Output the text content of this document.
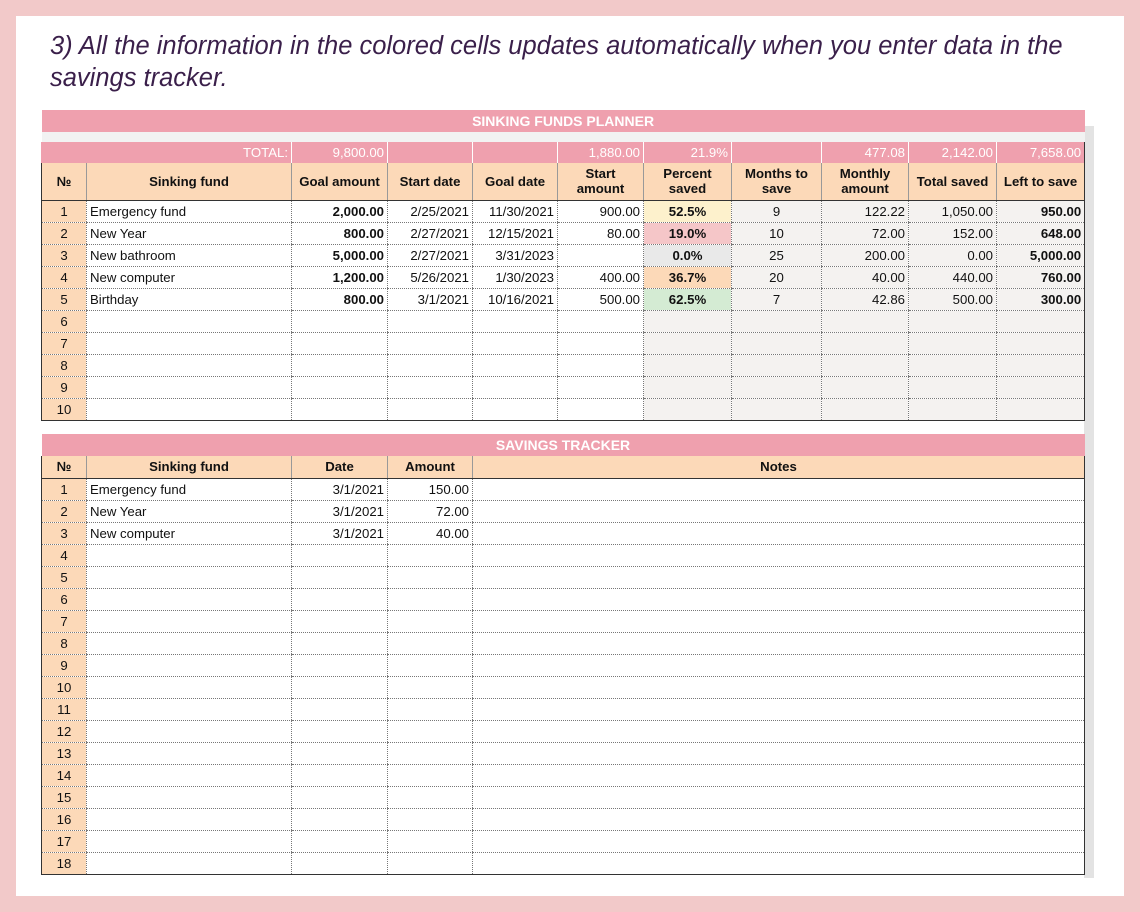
3) All the information in the colored cells updates automatically when you enter data in the savings tracker.
SINKING FUNDS PLANNER										

TOTAL:		9,800.00			1,880.00	21.9%		477.08	2,142.00	7,658.00
№	Sinking fund	Goal amount	Start date	Goal date	Start amount	Percent saved	Months to save	Monthly amount	Total saved	Left to save
1	Emergency fund	2,000.00	2/25/2021	11/30/2021	900.00	52.5%	9	122.22	1,050.00	950.00
2	New Year	800.00	2/27/2021	12/15/2021	80.00	19.0%	10	72.00	152.00	648.00
3	New bathroom	5,000.00	2/27/2021	3/31/2023		0.0%	25	200.00	0.00	5,000.00
4	New computer	1,200.00	5/26/2021	1/30/2023	400.00	36.7%	20	40.00	440.00	760.00
5	Birthday	800.00	3/1/2021	10/16/2021	500.00	62.5%	7	42.86	500.00	300.00
6										
7										
8										
9										
10										
SAVINGS TRACKER				
№	Sinking fund	Date	Amount	Notes
1	Emergency fund	3/1/2021	150.00	
2	New Year	3/1/2021	72.00	
3	New computer	3/1/2021	40.00	
4				
5				
6				
7				
8				
9				
10				
11				
12				
13				
14				
15				
16				
17				
18				
